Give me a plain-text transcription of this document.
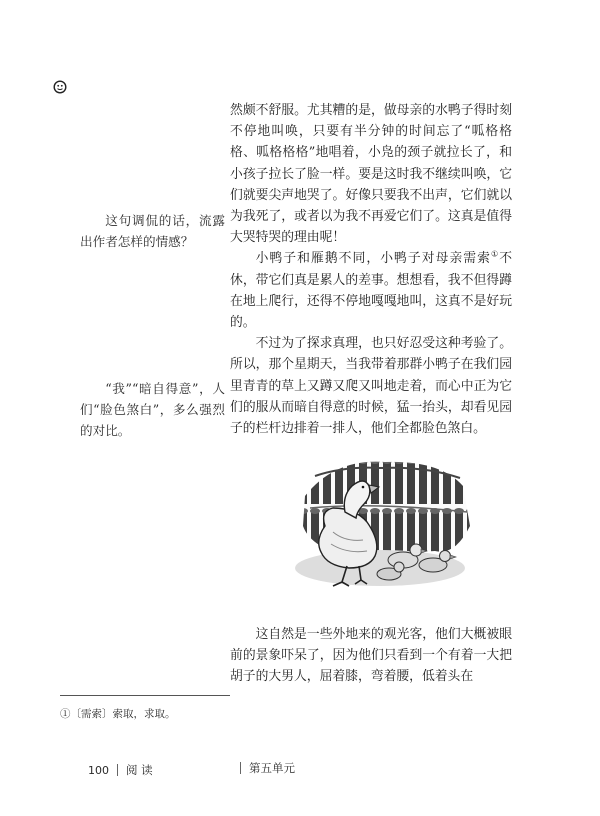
然颇不舒服。尤其糟的是，做母亲的水鸭子得时刻不停地叫唤，只要有半分钟的时间忘了“呱格格格、呱格格格”地唱着，小凫的颈子就拉长了，和小孩子拉长了脸一样。要是这时我不继续叫唤，它们就要尖声地哭了。好像只要我不出声，它们就以为我死了，或者以为我不再爱它们了。这真是值得大哭特哭的理由呢！

小鸭子和雁鹅不同，小鸭子对母亲需索①不休，带它们真是累人的差事。想想看，我不但得蹲在地上爬行，还得不停地嘎嘎地叫，这真不是好玩的。

不过为了探求真理，也只好忍受这种考验了。所以，那个星期天，当我带着那群小鸭子在我们园里青青的草上又蹲又爬又叫地走着，而心中正为它们的服从而暗自得意的时候，猛一抬头，却看见园子的栏杆边排着一排人，他们全都脸色煞白。

这句调侃的话，流露出作者怎样的情感？

“我”“暗自得意”，人们“脸色煞白”，多么强烈的对比。

这自然是一些外地来的观光客，他们大概被眼前的景象吓呆了，因为他们只看到一个有着一大把胡子的大男人，屈着膝，弯着腰，低着头在

①〔需索〕索取，求取。

100 阅 读	第五单元
